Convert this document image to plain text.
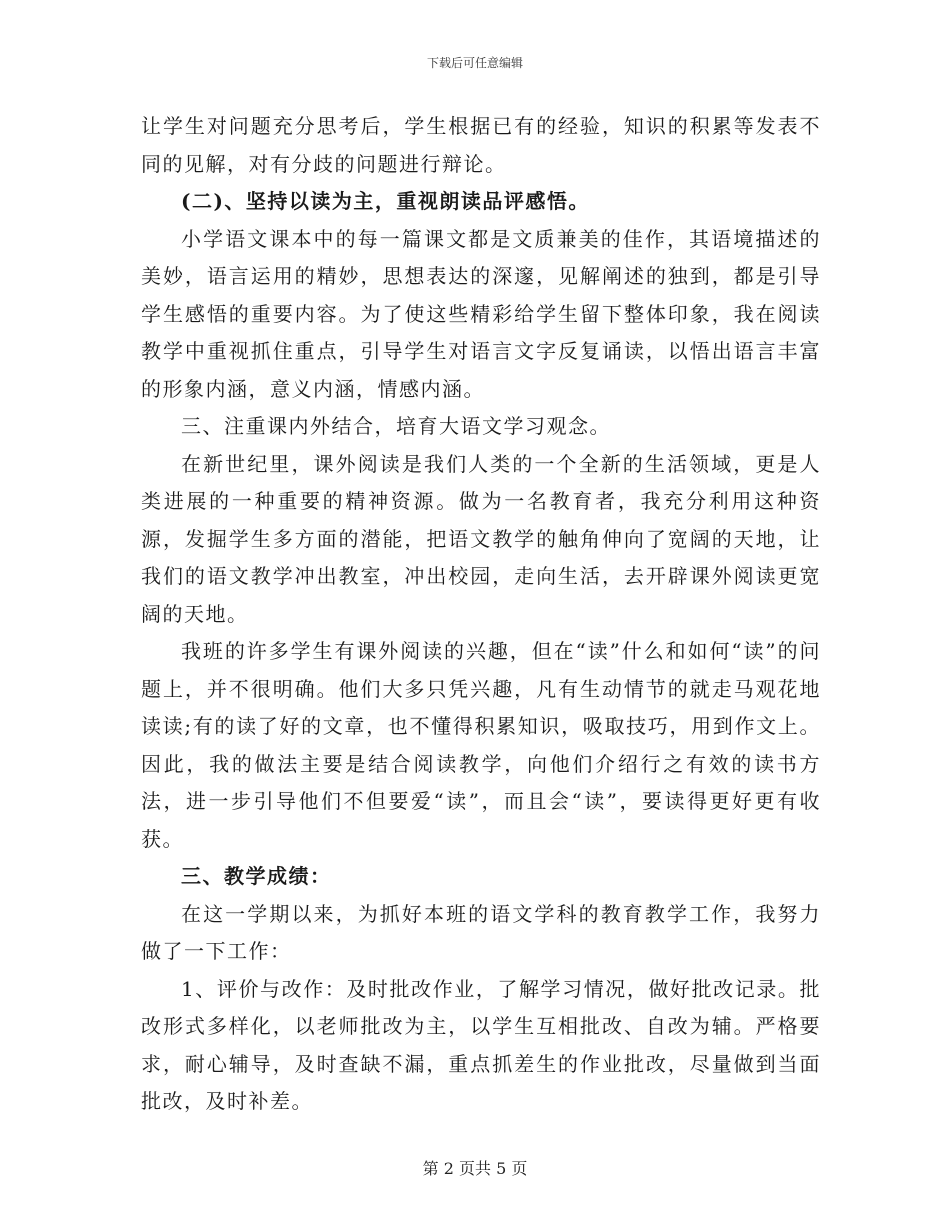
下载后可任意编辑

让学生对问题充分思考后，学生根据已有的经验，知识的积累等发表不同的见解，对有分歧的问题进行辩论。

(二)、坚持以读为主，重视朗读品评感悟。

小学语文课本中的每一篇课文都是文质兼美的佳作，其语境描述的美妙，语言运用的精妙，思想表达的深邃，见解阐述的独到，都是引导学生感悟的重要内容。为了使这些精彩给学生留下整体印象，我在阅读教学中重视抓住重点，引导学生对语言文字反复诵读，以悟出语言丰富的形象内涵，意义内涵，情感内涵。

三、注重课内外结合，培育大语文学习观念。

在新世纪里，课外阅读是我们人类的一个全新的生活领域，更是人类进展的一种重要的精神资源。做为一名教育者，我充分利用这种资源，发掘学生多方面的潜能，把语文教学的触角伸向了宽阔的天地，让我们的语文教学冲出教室，冲出校园，走向生活，去开辟课外阅读更宽阔的天地。

我班的许多学生有课外阅读的兴趣，但在“读”什么和如何“读”的问题上，并不很明确。他们大多只凭兴趣，凡有生动情节的就走马观花地读读;有的读了好的文章，也不懂得积累知识，吸取技巧，用到作文上。因此，我的做法主要是结合阅读教学，向他们介绍行之有效的读书方法，进一步引导他们不但要爱“读”，而且会“读”，要读得更好更有收获。

三、教学成绩：

在这一学期以来，为抓好本班的语文学科的教育教学工作，我努力做了一下工作：

1、评价与改作：及时批改作业，了解学习情况，做好批改记录。批改形式多样化，以老师批改为主，以学生互相批改、自改为辅。严格要求，耐心辅导，及时查缺不漏，重点抓差生的作业批改，尽量做到当面批改，及时补差。

第 2 页共 5 页
